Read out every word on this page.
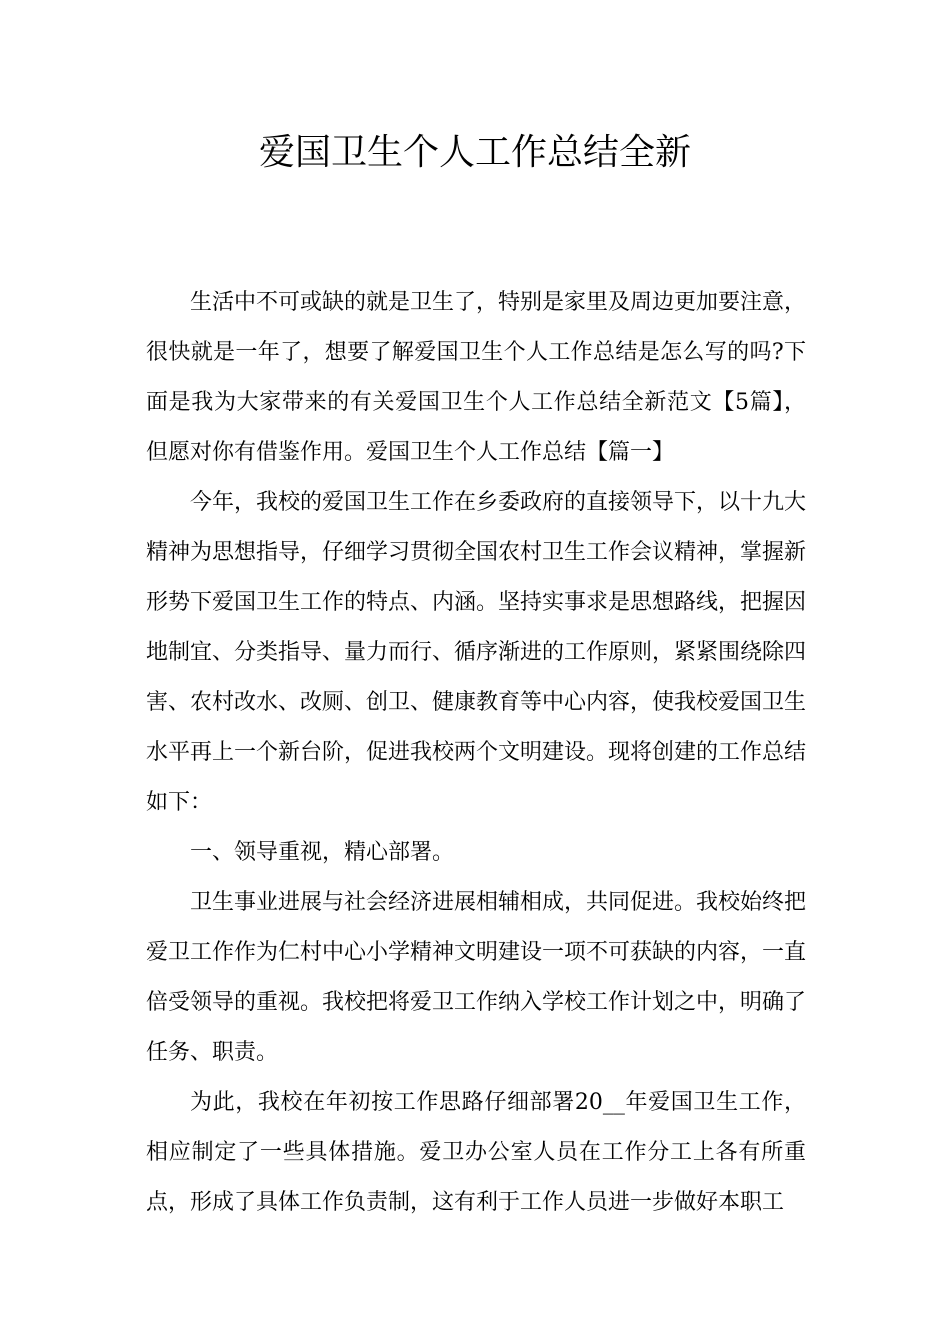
爱国卫生个人工作总结全新

生活中不可或缺的就是卫生了，特别是家里及周边更加要注意，很快就是一年了，想要了解爱国卫生个人工作总结是怎么写的吗?下面是我为大家带来的有关爱国卫生个人工作总结全新范文【5篇】，但愿对你有借鉴作用。爱国卫生个人工作总结【篇一】

今年，我校的爱国卫生工作在乡委政府的直接领导下，以十九大精神为思想指导，仔细学习贯彻全国农村卫生工作会议精神，掌握新形势下爱国卫生工作的特点、内涵。坚持实事求是思想路线，把握因地制宜、分类指导、量力而行、循序渐进的工作原则，紧紧围绕除四害、农村改水、改厕、创卫、健康教育等中心内容，使我校爱国卫生水平再上一个新台阶，促进我校两个文明建设。现将创建的工作总结如下：

一、领导重视，精心部署。

卫生事业进展与社会经济进展相辅相成，共同促进。我校始终把爱卫工作作为仁村中心小学精神文明建设一项不可获缺的内容，一直倍受领导的重视。我校把将爱卫工作纳入学校工作计划之中，明确了任务、职责。

为此，我校在年初按工作思路仔细部署20__年爱国卫生工作，相应制定了一些具体措施。爱卫办公室人员在工作分工上各有所重点，形成了具体工作负责制，这有利于工作人员进一步做好本职工
